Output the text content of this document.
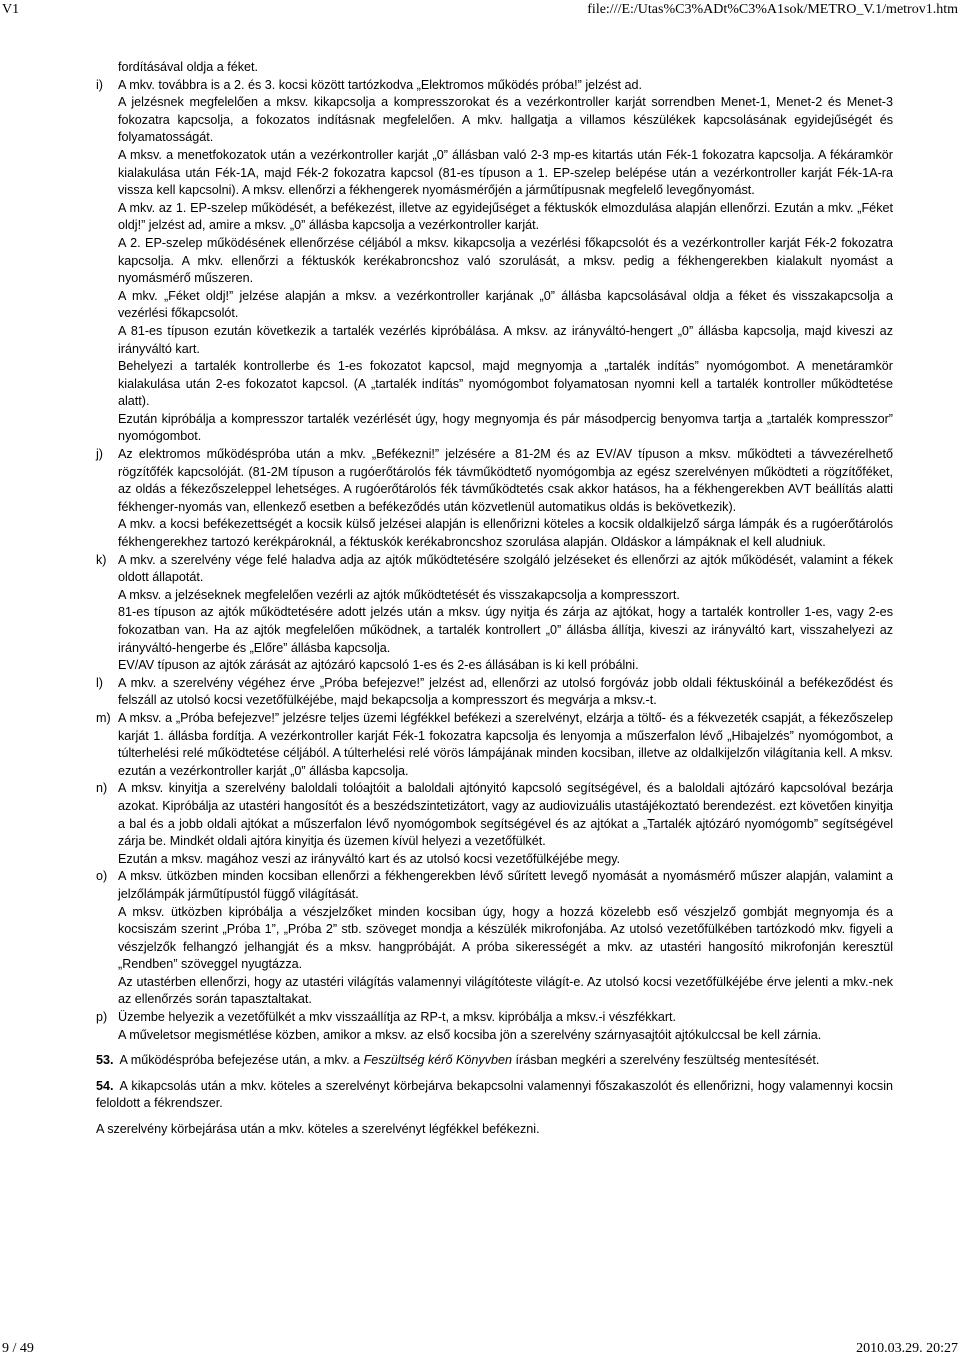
V1	file:///E:/Utas%C3%ADt%C3%A1sok/METRO_V.1/metrov1.htm

fordításával oldja a féket.

i) A mkv. továbbra is a 2. és 3. kocsi között tartózkodva „Elektromos működés próba!” jelzést ad.

A jelzésnek megfelelően a mksv. kikapcsolja a kompresszorokat és a vezérkontroller karját sorrendben Menet-1, Menet-2 és Menet-3 fokozatra kapcsolja, a fokozatos indításnak megfelelően. A mkv. hallgatja a villamos készülékek kapcsolásának egyidejűségét és folyamatosságát.

A mksv. a menetfokozatok után a vezérkontroller karját „0” állásban való 2-3 mp-es kitartás után Fék-1 fokozatra kapcsolja. A fékáramkör kialakulása után Fék-1A, majd Fék-2 fokozatra kapcsol (81-es típuson a 1. EP-szelep belépése után a vezérkontroller karját Fék-1A-ra vissza kell kapcsolni). A mksv. ellenőrzi a fékhengerek nyomásmérőjén a járműtípusnak megfelelő levegőnyomást.

A mkv. az 1. EP-szelep működését, a befékezést, illetve az egyidejűséget a féktuskók elmozdulása alapján ellenőrzi. Ezután a mkv. „Féket oldj!” jelzést ad, amire a mksv. „0” állásba kapcsolja a vezérkontroller karját.

A 2. EP-szelep működésének ellenőrzése céljából a mksv. kikapcsolja a vezérlési főkapcsolót és a vezérkontroller karját Fék-2 fokozatra kapcsolja. A mkv. ellenőrzi a féktuskók kerékabroncshoz való szorulását, a mksv. pedig a fékhengerekben kialakult nyomást a nyomásmérő műszeren.

A mkv. „Féket oldj!” jelzése alapján a mksv. a vezérkontroller karjának „0” állásba kapcsolásával oldja a féket és visszakapcsolja a vezérlési főkapcsolót.

A 81-es típuson ezután következik a tartalék vezérlés kipróbálása. A mksv. az irányváltó-hengert „0” állásba kapcsolja, majd kiveszi az irányváltó kart.

Behelyezi a tartalék kontrollerbe és 1-es fokozatot kapcsol, majd megnyomja a „tartalék indítás” nyomógombot. A menetáramkör kialakulása után 2-es fokozatot kapcsol. (A „tartalék indítás” nyomógombot folyamatosan nyomni kell a tartalék kontroller működtetése alatt).

Ezután kipróbálja a kompresszor tartalék vezérlését úgy, hogy megnyomja és pár másodpercig benyomva tartja a „tartalék kompresszor” nyomógombot.

j) Az elektromos működéspróba után a mkv. „Befékezni!” jelzésére a 81-2M és az EV/AV típuson a mksv. működteti a távvezérelhető rögzítőfék kapcsolóját. (81-2M típuson a rugóerőtárolós fék távműködtető nyomógombja az egész szerelvényen működteti a rögzítőféket, az oldás a fékezőszeleppel lehetséges. A rugóerőtárolós fék távműködtetés csak akkor hatásos, ha a fékhengerekben AVT beállítás alatti fékhenger-nyomás van, ellenkező esetben a befékeződés után közvetlenül automatikus oldás is bekövetkezik).

A mkv. a kocsi befékezettségét a kocsik külső jelzései alapján is ellenőrizni köteles a kocsik oldalkijelző sárga lámpák és a rugóerőtárolós fékhengerekhez tartozó kerékpároknál, a féktuskók kerékabroncshoz szorulása alapján. Oldáskor a lámpáknak el kell aludniuk.

k) A mkv. a szerelvény vége felé haladva adja az ajtók működtetésére szolgáló jelzéseket és ellenőrzi az ajtók működését, valamint a fékek oldott állapotát.

A mksv. a jelzéseknek megfelelően vezérli az ajtók működtetését és visszakapcsolja a kompresszort.

81-es típuson az ajtók működtetésére adott jelzés után a mksv. úgy nyitja és zárja az ajtókat, hogy a tartalék kontroller 1-es, vagy 2-es fokozatban van. Ha az ajtók megfelelően működnek, a tartalék kontrollert „0” állásba állítja, kiveszi az irányváltó kart, visszahelyezi az irányváltó-hengerbe és „Előre” állásba kapcsolja.

EV/AV típuson az ajtók zárását az ajtózáró kapcsoló 1-es és 2-es állásában is ki kell próbálni.

l) A mkv. a szerelvény végéhez érve „Próba befejezve!” jelzést ad, ellenőrzi az utolsó forgóváz jobb oldali féktuskóinál a befékeződést és felszáll az utolsó kocsi vezetőfülkéjébe, majd bekapcsolja a kompresszort és megvárja a mksv.-t.
m) A mksv. a „Próba befejezve!” jelzésre teljes üzemi légfékkel befékezi a szerelvényt, elzárja a töltő- és a fékvezeték csapját, a fékezőszelep karját 1. állásba fordítja. A vezérkontroller karját Fék-1 fokozatra kapcsolja és lenyomja a műszerfalon lévő „Hibajelzés” nyomógombot, a túlterhelési relé működtetése céljából. A túlterhelési relé vörös lámpájának minden kocsiban, illetve az oldalkijelzőn világítania kell. A mksv. ezután a vezérkontroller karját „0” állásba kapcsolja.
n) A mksv. kinyitja a szerelvény baloldali tolóajtóit a baloldali ajtónyitó kapcsoló segítségével, és a baloldali ajtózáró kapcsolóval bezárja azokat. Kipróbálja az utastéri hangosítót és a beszédszintetizátort, vagy az audiovizuális utastájékoztató berendezést. ezt követően kinyitja a bal és a jobb oldali ajtókat a műszerfalon lévő nyomógombok segítségével és az ajtókat a „Tartalék ajtózáró nyomógomb” segítségével zárja be. Mindkét oldali ajtóra kinyitja és üzemen kívül helyezi a vezetőfülkét.

Ezután a mksv. magához veszi az irányváltó kart és az utolsó kocsi vezetőfülkéjébe megy.

o) A mksv. ütközben minden kocsiban ellenőrzi a fékhengerekben lévő sűrített levegő nyomását a nyomásmérő műszer alapján, valamint a jelzőlámpák járműtípustól függő világítását.

A mksv. ütközben kipróbálja a vészjelzőket minden kocsiban úgy, hogy a hozzá közelebb eső vészjelző gombját megnyomja és a kocsiszám szerint „Próba 1”, „Próba 2” stb. szöveget mondja a készülék mikrofonjába. Az utolsó vezetőfülkében tartózkodó mkv. figyeli a vészjelzők felhangzó jelhangját és a mksv. hangpróbáját. A próba sikerességét a mkv. az utastéri hangosító mikrofonján keresztül „Rendben” szöveggel nyugtázza.

Az utastérben ellenőrzi, hogy az utastéri világítás valamennyi világítótestе világít-e. Az utolsó kocsi vezetőfülkéjébe érve jelenti a mkv.-nek az ellenőrzés során tapasztaltakat.

p) Üzembe helyezik a vezetőfülkét a mkv visszaállítja az RP-t, a mksv. kipróbálja a mksv.-i vészfékkart.

A műveletsor megismétlése közben, amikor a mksv. az első kocsiba jön a szerelvény szárnyasajtóit ajtókulccsal be kell zárnia.

53. A működéspróba befejezése után, a mkv. a Feszültség kérő Könyvben írásban megkéri a szerelvény feszültség mentesítését.

54. A kikapcsolás után a mkv. köteles a szerelvényt körbejárva bekapcsolni valamennyi főszakaszolót és ellenőrizni, hogy valamennyi kocsin feloldott a fékrendszer.

A szerelvény körbejárása után a mkv. köteles a szerelvényt légfékkel befékezni.

9 / 49	2010.03.29. 20:27
